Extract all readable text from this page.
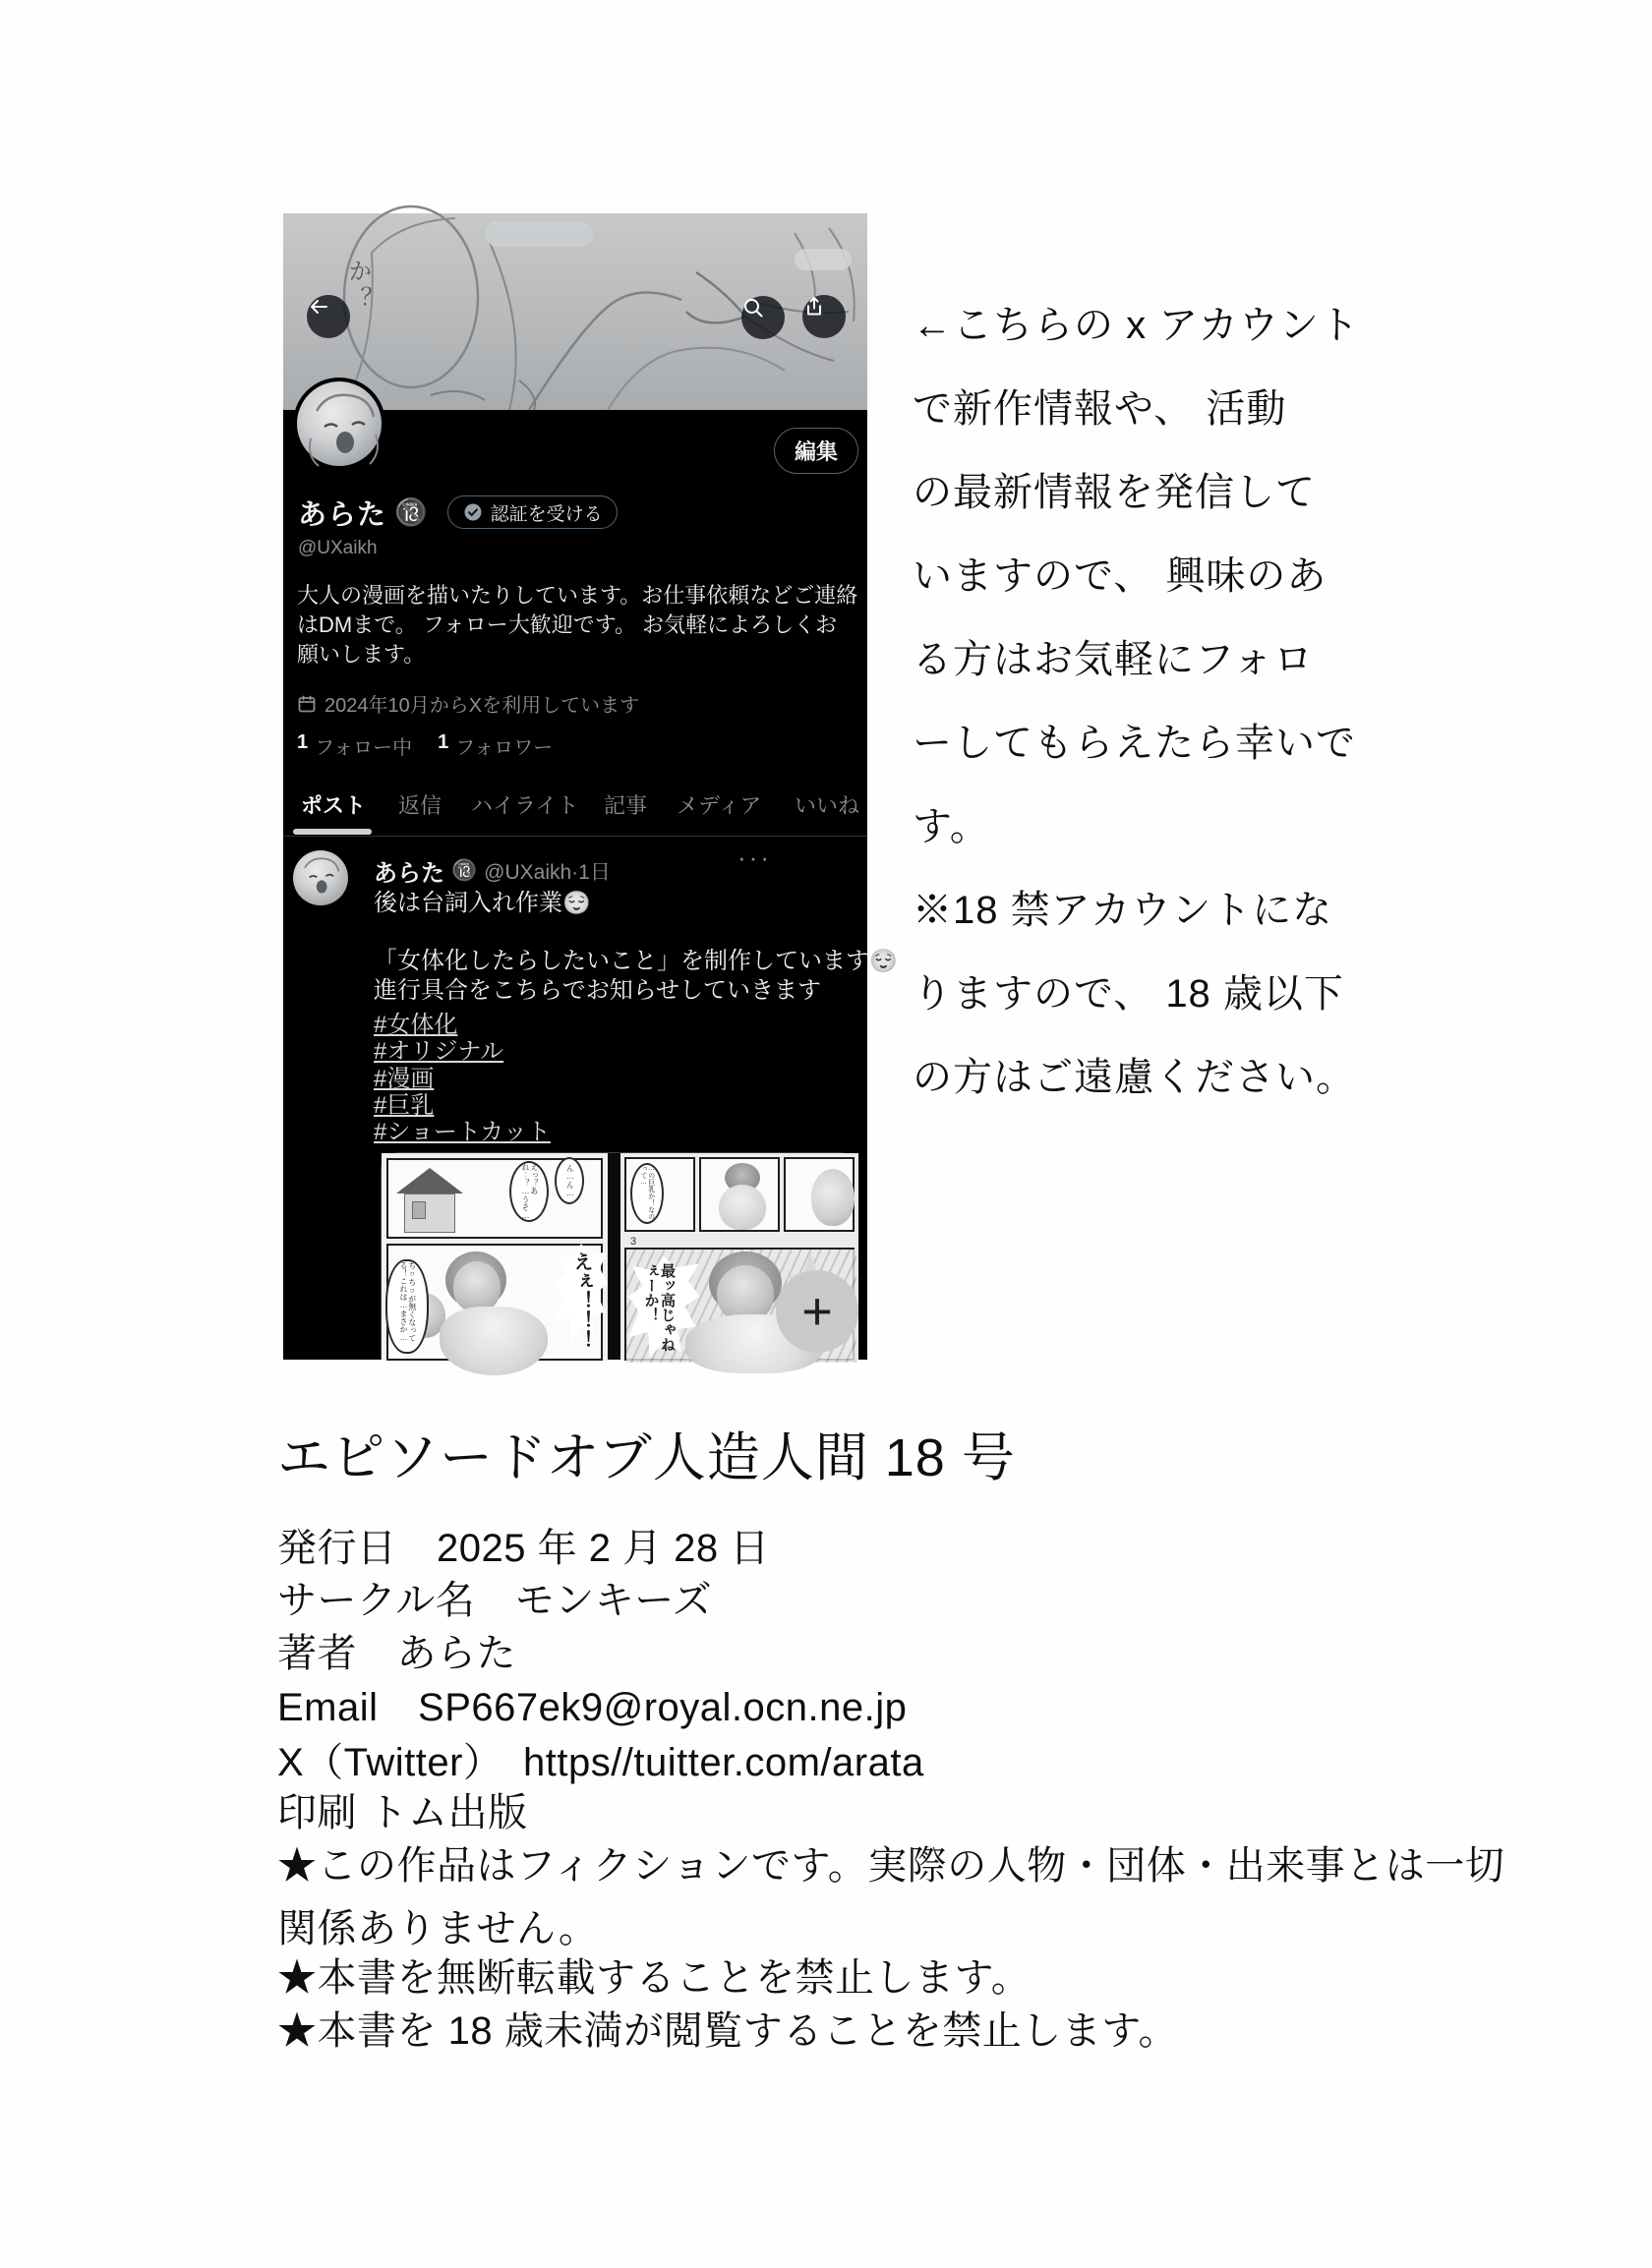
か？
編集
あらた 🔞	認証を受ける
@UXaikh
大人の漫画を描いたりしています。お仕事依頼などご連絡
はDMまで。 フォロー大歓迎です。 お気軽によろしくお
願いします。
2024年10月からXを利用しています
1 フォロー中 1 フォロワー
ポスト 返信 ハイライト 記事 メディア いいね
あらた 🔞 @UXaikh·1日	···
後は台詞入れ作業😌
「女体化したらしたいこと」を制作しています😌
進行具合をこちらでお知らせしていきます
#女体化
#オリジナル
#漫画
#巨乳
#ショートカット
えっ？あれ‥？…うそ…	ん…ん…
ち○ち○が無くなってる！これは…まさか…	えぇ！！！
…の巨乳か！なのって…
3
最ッ高じゃねぇーか！	+
←こちらの x アカウント
で新作情報や、 活動
の最新情報を発信して
いますので、 興味のあ
る方はお気軽にフォロ
ーしてもらえたら幸いで
す。
※18 禁アカウントにな
りますので、 18 歳以下
の方はご遠慮ください。
エピソードオブ人造人間 18 号
発行日　2025 年 2 月 28 日
サークル名　モンキーズ
著者　あらた
Email　SP667ek9@royal.ocn.ne.jp
X（Twitter）　https//tuitter.com/arata
印刷 トム出版
★この作品はフィクションです。実際の人物・団体・出来事とは一切
関係ありません。
★本書を無断転載することを禁止します。
★本書を 18 歳未満が閲覧することを禁止します。
